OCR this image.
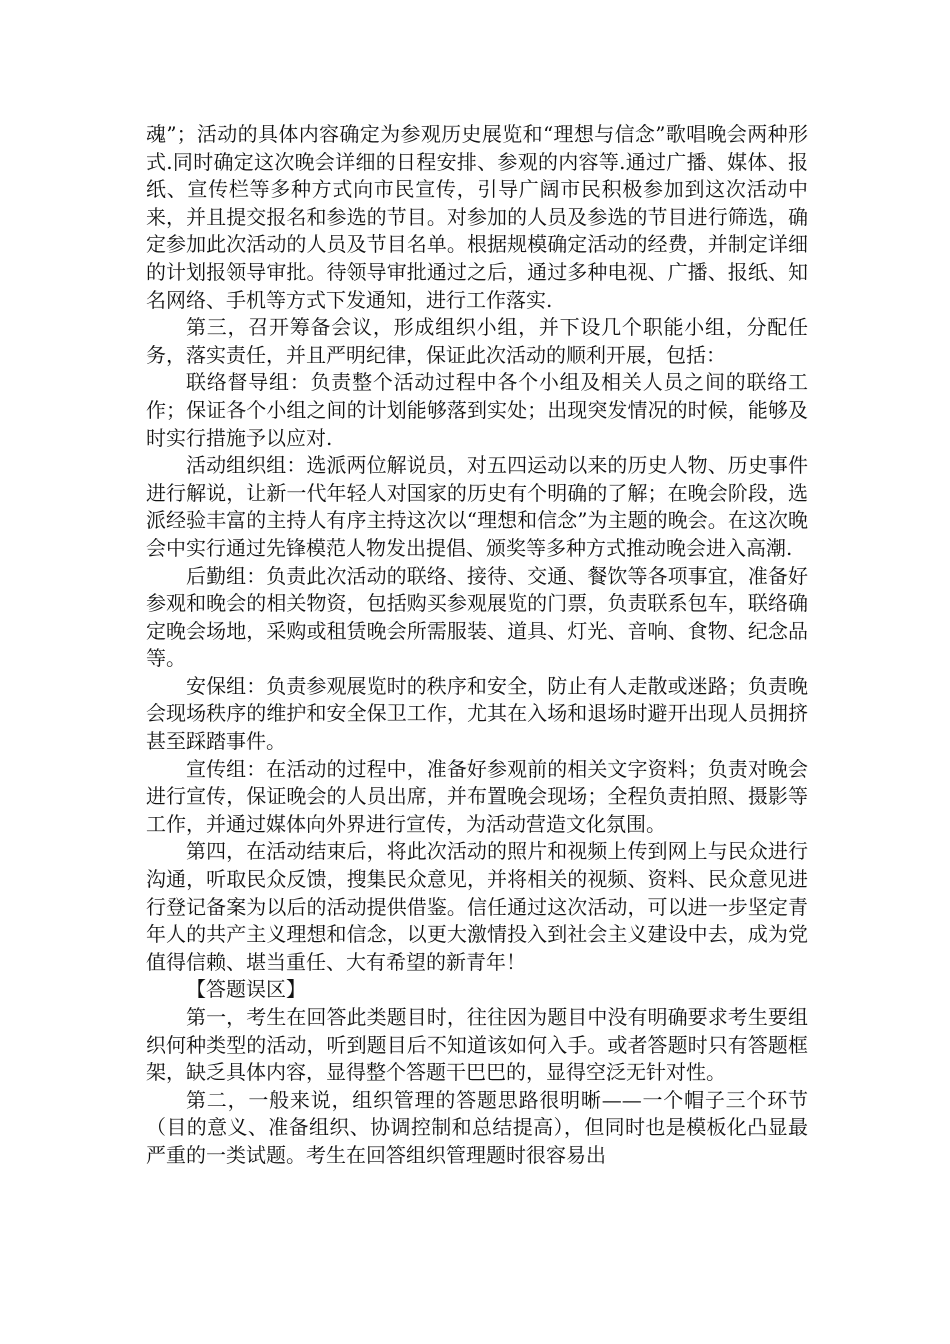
魂”；活动的具体内容确定为参观历史展览和“理想与信念”歌唱晚会两种形式.同时确定这次晚会详细的日程安排、参观的内容等.通过广播、媒体、报纸、宣传栏等多种方式向市民宣传，引导广阔市民积极参加到这次活动中来，并且提交报名和参选的节目。对参加的人员及参选的节目进行筛选，确定参加此次活动的人员及节目名单。根据规模确定活动的经费，并制定详细的计划报领导审批。待领导审批通过之后，通过多种电视、广播、报纸、知名网络、手机等方式下发通知，进行工作落实.

第三，召开筹备会议，形成组织小组，并下设几个职能小组，分配任务，落实责任，并且严明纪律，保证此次活动的顺利开展，包括：

联络督导组：负责整个活动过程中各个小组及相关人员之间的联络工作；保证各个小组之间的计划能够落到实处；出现突发情况的时候，能够及时实行措施予以应对.

活动组织组：选派两位解说员，对五四运动以来的历史人物、历史事件进行解说，让新一代年轻人对国家的历史有个明确的了解；在晚会阶段，选派经验丰富的主持人有序主持这次以“理想和信念”为主题的晚会。在这次晚会中实行通过先锋模范人物发出提倡、颁奖等多种方式推动晚会进入高潮.

后勤组：负责此次活动的联络、接待、交通、餐饮等各项事宜，准备好参观和晚会的相关物资，包括购买参观展览的门票，负责联系包车，联络确定晚会场地，采购或租赁晚会所需服装、道具、灯光、音响、食物、纪念品等。

安保组：负责参观展览时的秩序和安全，防止有人走散或迷路；负责晚会现场秩序的维护和安全保卫工作，尤其在入场和退场时避开出现人员拥挤甚至踩踏事件。

宣传组：在活动的过程中，准备好参观前的相关文字资料；负责对晚会进行宣传，保证晚会的人员出席，并布置晚会现场；全程负责拍照、摄影等工作，并通过媒体向外界进行宣传，为活动营造文化氛围。

第四，在活动结束后，将此次活动的照片和视频上传到网上与民众进行沟通，听取民众反馈，搜集民众意见，并将相关的视频、资料、民众意见进行登记备案为以后的活动提供借鉴。信任通过这次活动，可以进一步坚定青年人的共产主义理想和信念，以更大激情投入到社会主义建设中去，成为党值得信赖、堪当重任、大有希望的新青年！

【答题误区】

第一，考生在回答此类题目时，往往因为题目中没有明确要求考生要组织何种类型的活动，听到题目后不知道该如何入手。或者答题时只有答题框架，缺乏具体内容，显得整个答题干巴巴的，显得空泛无针对性。

第二，一般来说，组织管理的答题思路很明晰——一个帽子三个环节（目的意义、准备组织、协调控制和总结提高），但同时也是模板化凸显最严重的一类试题。考生在回答组织管理题时很容易出
